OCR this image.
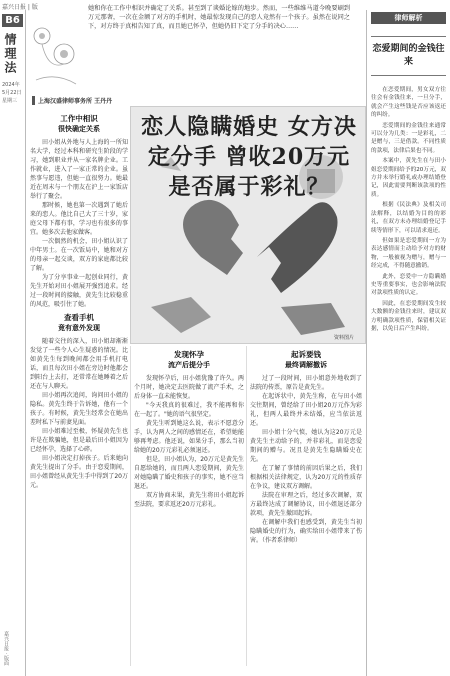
嘉兴日报 | 版
B6
情理法
2024年 5月22日 星期三
嘉兴日报 · 版面
她和你在工作中相识并确定了关系。甚至到了谈婚论嫁的地步。然而，一些维维马道今晚要刷到万元那奢，一次在金额了对方的手机时，她最惊发现自己的恋人竟然有一个孩子。虽然在说同之下，对方终于真相告知了真，而且她已怀孕，但她仍旧下定了分手的决心……
上海汉盛律师事务所 王丹丹
恋人隐瞒婚史 女方决定分手 曾收20万元 是否属于彩礼？
资料图片
工作中相识
很快确定关系

田小姐从外地与人上海的一所知名大学，经过本科和研究生阶段的学习，她到职业并从一家名牌企业。工作就业，进入了一家正常的企业。虽然事与愿违，但她一直很努力。她最近在周末与一个朋友在沪上一家饭店举行了聚会。

那时候，她也第一次遇到了她后来的恋人。他比自己大了三十岁，家庭父母下都有事，学习也有很多的事宜。她多次去他家做客。

一次偶然的机会，田小姐认识了中年男士。在一次饭局中，她和对方的母亲一起交谈，双方的家庭都比较了解。

为了分享事业一起创业同行，黄先生开始对田小姐展开强烈追求。经过一段时间的接触，黄先生比较稳重的风范，吸引住了她。

查看手机
竟有意外发现

随着交往的深入，田小姐却渐渐发觉了一些令人心生疑惑的情况。比如黄先生每到晚间都会用手机打电话，而且每次田小姐在旁边时他都会到阳台上去打，还常常在她睡着之后还在与人聊天。

田小姐再次追问，询问田小姐的隐私。黄先生终于告诉她，他有一个孩子。有时候，黄先生经常会在她出差时私下与前妻见面。

田小姐难过至极，怀疑黄先生也许是在欺骗她，但是最后田小姐因为已经怀孕，选择了心碎。

田小姐决定打掉孩子。后来她向黄先生提出了分手。由于恋爱期间，田小姐曾经从黄先生手中得到了20万元。

发现怀孕
流产后提分手

发现怀孕后，田小姐犹豫了许久。两个月时，她决定去医院做了流产手术，之后身体一直未能恢复。

"今天我真的很难过，我不能再和你在一起了。"她的语气很坚定。

黄先生听到她这么说，表示不愿意分手，认为两人之间的感情还在，希望她能够再考虑。他还说，如果分手，那么当初给她的20万元彩礼必须退还。

但是，田小姐认为，20万元是黄先生自愿给她的，而且两人恋爱期间，黄先生对她隐瞒了婚史和孩子的事实，她不应当退还。

双方协商未果，黄先生将田小姐起诉至法院，要求返还20万元彩礼。

起诉要钱
最终调解撤诉

过了一段时间，田小姐意外地收到了法院的传票，原告是黄先生。

在起诉状中，黄先生称，在与田小姐交往期间，曾经给了田小姐20万元作为彩礼，但两人最终并未结婚，应当依法返还。

田小姐十分气愤，她认为这20万元是黄先生主动给予的，并非彩礼，而是恋爱期间的赠与。况且是黄先生隐瞒婚史在先。

在了解了事情的前因后果之后，我们根据相关法律规定，认为20万元的性质存在争议，建议双方调解。

法院在审理之后，经过多次调解，双方最终达成了调解协议，田小姐退还部分款项，黄先生撤回起诉。

在调解中我们也感受到，黄先生当初隐瞒婚史的行为，确实给田小姐带来了伤害。（作者系律师）

律师解析
恋爱期间的金钱往来

在恋爱期间，男女双方往往会有金钱往来，一旦分手，就会产生这些钱是否应该返还的纠纷。

恋爱期间的金钱往来通常可以分为几类：一是彩礼，二是赠与，三是借款。不同性质的款项，法律后果也不同。

本案中，黄先生在与田小姐恋爱期间给予的20万元，双方并未举行婚礼或办理结婚登记，因此需要判断该款项的性质。

根据《民法典》及相关司法解释，以结婚为目的的彩礼，在双方未办理结婚登记手续等情形下，可以请求返还。

但如果是恋爱期间一方为表达感情而主动给予对方的财物，一般被视为赠与，赠与一经完成，不得随意撤销。

此外，恋爱中一方隐瞒婚史等重要事实，也会影响法院对款项性质的认定。

因此，在恋爱期间发生较大数额的金钱往来时，建议双方明确款项性质，保留相关证据，以免日后产生纠纷。
